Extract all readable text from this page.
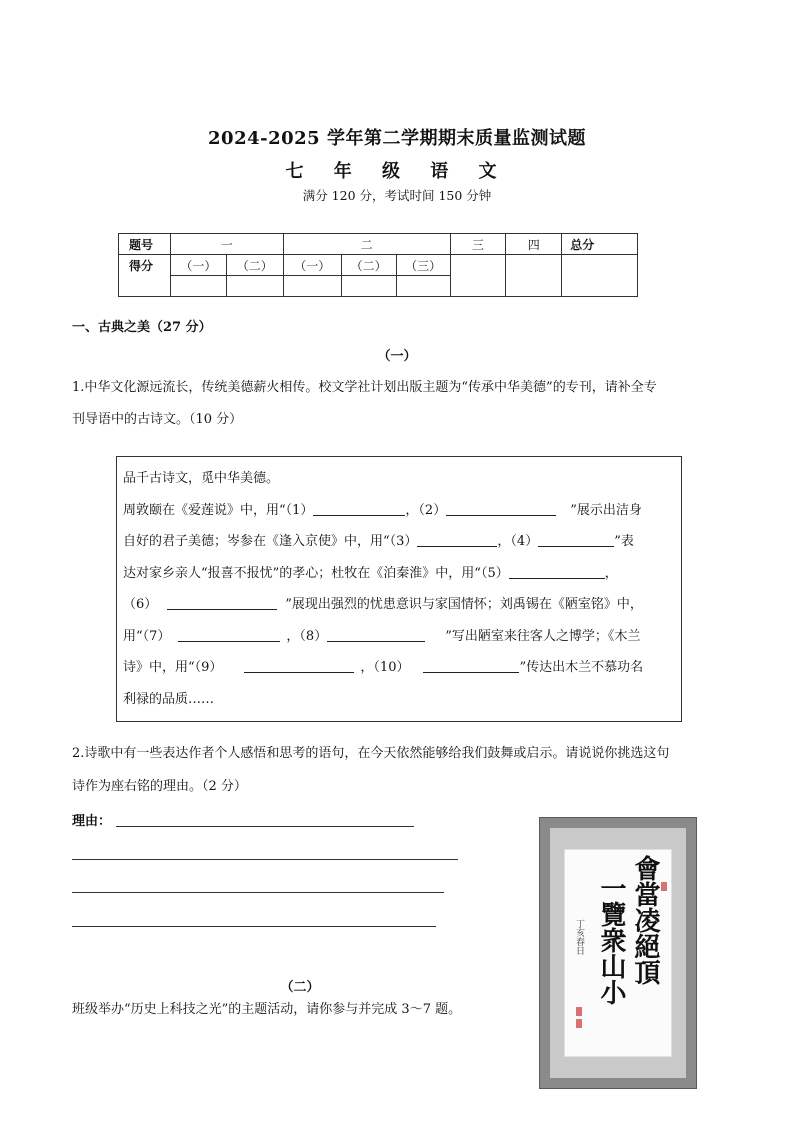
2024-2025 学年第二学期期末质量监测试题
七 年 级 语 文
满分 120 分，考试时间 150 分钟
题号	一		二			三	四	总分
得分	（一）	（二）	（一）	（二）	（三）			

一、古典之美（27 分）
（一）
1.中华文化源远流长，传统美德薪火相传。校文学社计划出版主题为“传承中华美德”的专刊，请补全专
刊导语中的古诗文。（10 分）
品千古诗文，觅中华美德。
周敦颐在《爱莲说》中，用“（1）	，（2）	”展示出洁身
自好的君子美德；岑参在《逢入京使》中，用“（3）	，（4）	”表
达对家乡亲人“报喜不报忧”的孝心；杜牧在《泊秦淮》中，用“（5）	，
（6）	”展现出强烈的忧患意识与家国情怀；刘禹锡在《陋室铭》中，
用“（7）	，（8）	”写出陋室来往客人之博学；《木兰
诗》中，用“（9）	，（10）	”传达出木兰不慕功名
利禄的品质……
2.诗歌中有一些表达作者个人感悟和思考的语句，在今天依然能够给我们鼓舞或启示。请说说你挑选这句
诗作为座右铭的理由。（2 分）
理由：
（二）
班级举办“历史上科技之光”的主题活动，请你参与并完成 3～7 题。
會當凌絕頂
一覽衆山小
丁亥春日
